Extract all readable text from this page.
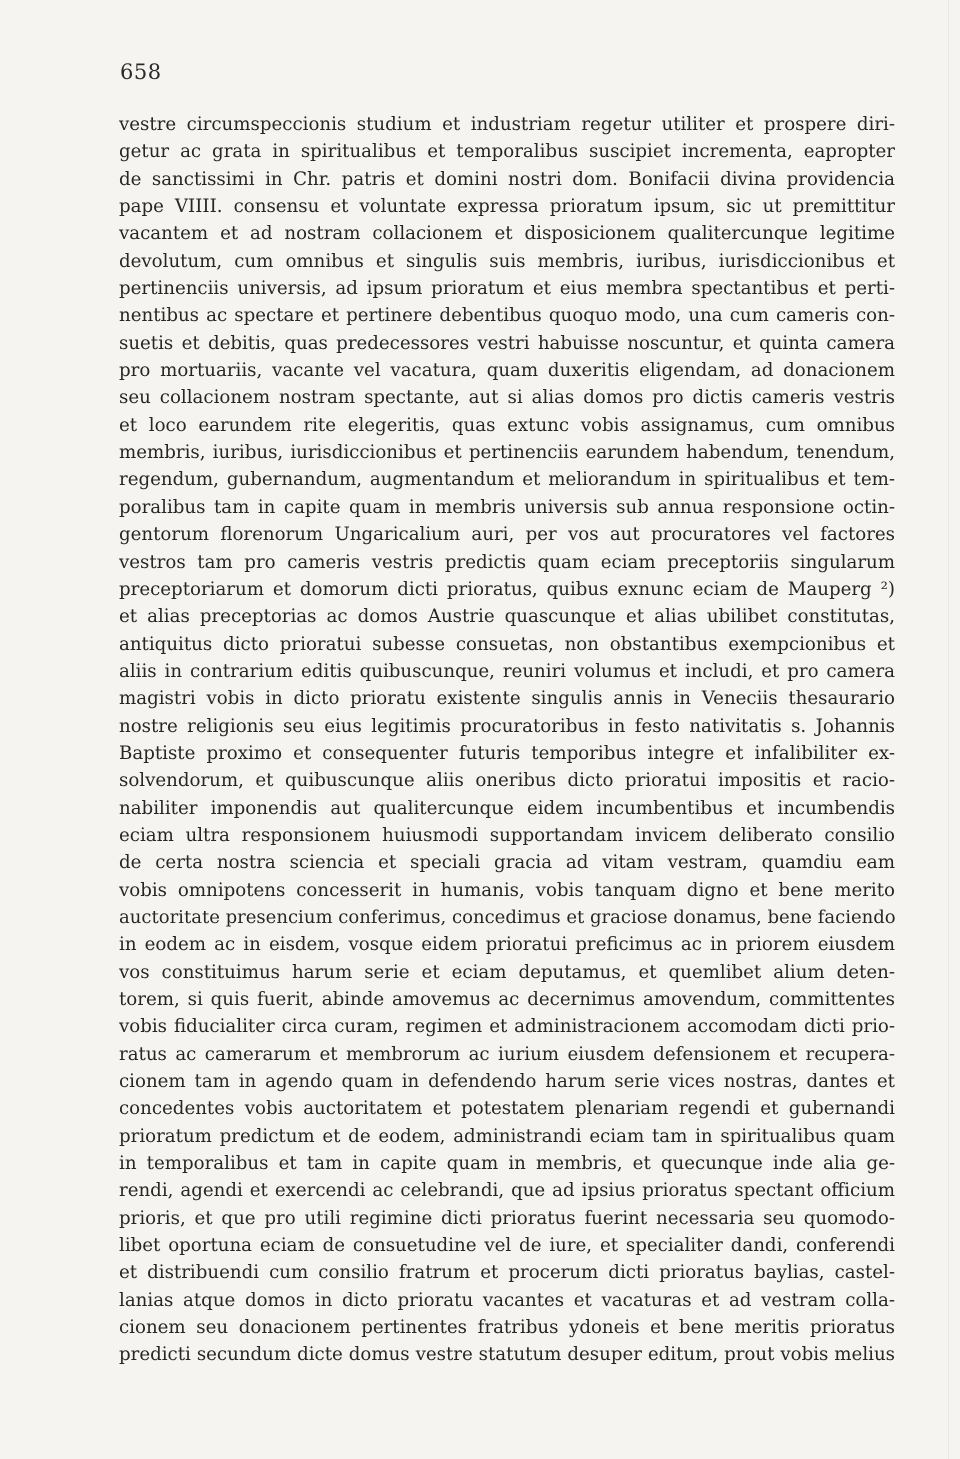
658
vestre circumspeccionis studium et industriam regetur utiliter et prospere diri-
getur ac grata in spiritualibus et temporalibus suscipiet incrementa, eapropter
de sanctissimi in Chr. patris et domini nostri dom. Bonifacii divina providencia
pape VIIII. consensu et voluntate expressa prioratum ipsum, sic ut premittitur
vacantem et ad nostram collacionem et disposicionem qualitercunque legitime
devolutum, cum omnibus et singulis suis membris, iuribus, iurisdiccionibus et
pertinenciis universis, ad ipsum prioratum et eius membra spectantibus et perti-
nentibus ac spectare et pertinere debentibus quoquo modo, una cum cameris con-
suetis et debitis, quas predecessores vestri habuisse noscuntur, et quinta camera
pro mortuariis, vacante vel vacatura, quam duxeritis eligendam, ad donacionem
seu collacionem nostram spectante, aut si alias domos pro dictis cameris vestris
et loco earundem rite elegeritis, quas extunc vobis assignamus, cum omnibus
membris, iuribus, iurisdiccionibus et pertinenciis earundem habendum, tenendum,
regendum, gubernandum, augmentandum et meliorandum in spiritualibus et tem-
poralibus tam in capite quam in membris universis sub annua responsione octin-
gentorum florenorum Ungaricalium auri, per vos aut procuratores vel factores
vestros tam pro cameris vestris predictis quam eciam preceptoriis singularum
preceptoriarum et domorum dicti prioratus, quibus exnunc eciam de Mauperg ²)
et alias preceptorias ac domos Austrie quascunque et alias ubilibet constitutas,
antiquitus dicto prioratui subesse consuetas, non obstantibus exempcionibus et
aliis in contrarium editis quibuscunque, reuniri volumus et includi, et pro camera
magistri vobis in dicto prioratu existente singulis annis in Veneciis thesaurario
nostre religionis seu eius legitimis procuratoribus in festo nativitatis s. Johannis
Baptiste proximo et consequenter futuris temporibus integre et infalibiliter ex-
solvendorum, et quibuscunque aliis oneribus dicto prioratui impositis et racio-
nabiliter imponendis aut qualitercunque eidem incumbentibus et incumbendis
eciam ultra responsionem huiusmodi supportandam invicem deliberato consilio
de certa nostra sciencia et speciali gracia ad vitam vestram, quamdiu eam
vobis omnipotens concesserit in humanis, vobis tanquam digno et bene merito
auctoritate presencium conferimus, concedimus et graciose donamus, bene faciendo
in eodem ac in eisdem, vosque eidem prioratui preficimus ac in priorem eiusdem
vos constituimus harum serie et eciam deputamus, et quemlibet alium deten-
torem, si quis fuerit, abinde amovemus ac decernimus amovendum, committentes
vobis fiducialiter circa curam, regimen et administracionem accomodam dicti prio-
ratus ac camerarum et membrorum ac iurium eiusdem defensionem et recupera-
cionem tam in agendo quam in defendendo harum serie vices nostras, dantes et
concedentes vobis auctoritatem et potestatem plenariam regendi et gubernandi
prioratum predictum et de eodem, administrandi eciam tam in spiritualibus quam
in temporalibus et tam in capite quam in membris, et quecunque inde alia ge-
rendi, agendi et exercendi ac celebrandi, que ad ipsius prioratus spectant officium
prioris, et que pro utili regimine dicti prioratus fuerint necessaria seu quomodo-
libet oportuna eciam de consuetudine vel de iure, et specialiter dandi, conferendi
et distribuendi cum consilio fratrum et procerum dicti prioratus baylias, castel-
lanias atque domos in dicto prioratu vacantes et vacaturas et ad vestram colla-
cionem seu donacionem pertinentes fratribus ydoneis et bene meritis prioratus
predicti secundum dicte domus vestre statutum desuper editum, prout vobis melius
